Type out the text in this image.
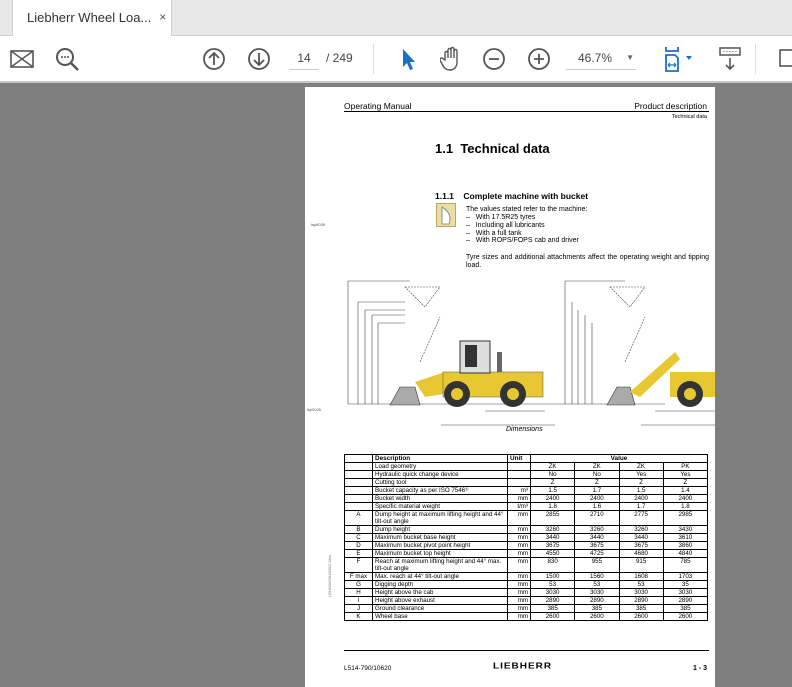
Liebherr Wheel Loa... ×
14	/ 249	46.7% ▼
Operating Manual	Product description
Technical data
1.1 Technical data
1.1.1 Complete machine with bucket
lsp8039
The values stated refer to the machine:
–   With 17.5R25 tyres
–   Including all lubricants
–   With a full tank
–   With ROPS/FOPS cab and driver
Tyre sizes and additional attachments affect the operating weight and tipping load.
lsp0026
Dimensions
LBH/10620/1800/2.0/en
	Description	Unit	Value			
	Load geometry		ZK	ZK	ZK	PK
	Hydraulic quick change device		No	No	Yes	Yes
	Cutting tool		Z	Z	Z	Z
	Bucket capacity as per ISO 7546¹⁾	m³	1.5	1.7	1.5	1.4
	Bucket width	mm	2400	2400	2400	2400
	Specific material weight	t/m³	1.8	1.6	1.7	1.8
A	Dump height at maximum lifting height and 44° tilt-out angle	mm	2855	2710	2775	2985
B	Dump height	mm	3260	3260	3260	3430
C	Maximum bucket base height	mm	3440	3440	3440	3610
D	Maximum bucket pivot point height	mm	3675	3675	3675	3860
E	Maximum bucket top height	mm	4550	4725	4680	4840
F	Reach at maximum lifting height and 44° max. tilt-out angle	mm	830	955	915	785
F max	Max. reach at 44° tilt-out angle	mm	1500	1560	1608	1703
G	Digging depth	mm	53	53	53	35
H	Height above the cab	mm	3030	3030	3030	3030
I	Height above exhaust	mm	2890	2890	2890	2890
J	Ground clearance	mm	385	385	385	385
K	Wheel base	mm	2600	2600	2600	2600
L514-790/10620	LIEBHERR	1 - 3
